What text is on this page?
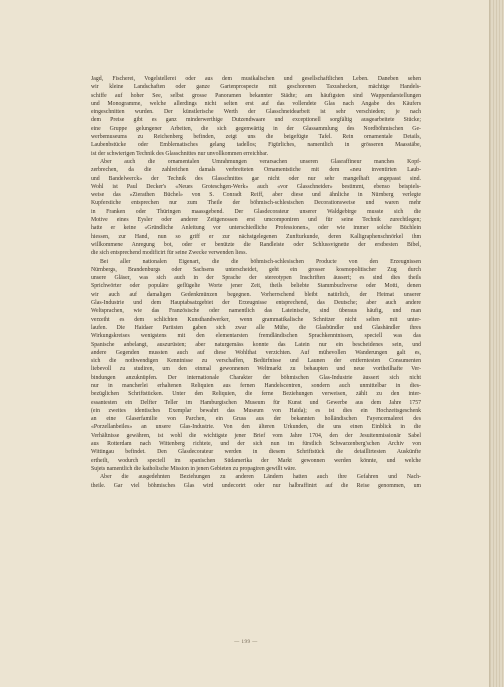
Jagd, Fischerei, Vogelstellerei oder aus dem musikalischen und gesellschaftlichen Leben. Daneben sehen
wir kleine Landschaften oder ganze Gartenprospecte mit geschorenen Taxushecken, mächtige Handels-
schiffe auf hoher See, selbst grosse Panoramen bekannter Städte; am häufigsten sind Wappendarstellungen
und Monogramme, welche allerdings nicht selten erst auf das vollendete Glas nach Angabe des Käufers
eingeschnitten wurden. Der künstlerische Werth der Glasschneidearbeit ist sehr verschieden; je nach
dem Preise gibt es ganz minderwerthige Dutzendwaare und exceptionell sorgfältig ausgearbeitete Stücke;
eine Gruppe gelungener Arbeiten, die sich gegenwärtig in der Glassammlung des Nordböhmischen Ge-
werbemuseums zu Reichenberg befinden, zeigt uns die beigefügte Tafel. Rein ornamentale Details,
Laubenbstücke oder Emblematisches gelang tadellos; Figürliches, namentlich in grösseren Maasstäbe,
ist der schwierigen Technik des Glasschnittes nur unvollkommen erreichbar.
Aber auch die ornamentalen Umrahmungen verarsachen unseren Glasraffineur manches Kopf-
zerbrechen, da die zahlreichen damals verbreiteten Ornamentstiche mit dem «neu inventirten Laub-
und Bandelwerck» der Technik des Glasschnittes gar nicht oder nur sehr mangelhaft angepasst sind.
Wohl ist Paul Decker's «Neues Groteschgen-Werk» auch «vor Glasschneider» bestimmt, ebenso beispiels-
weise das «Zierathen Büchel» von S. Conradt Reiff, aber diese und ähnliche in Nürnberg verlegte
Kupferstiche entsprechen nur zum Theile der böhmisch-schlesischen Decorationsweise und waren mehr
in Franken oder Thüringen maassgebend. Der Glasdecorateur unserer Waldgebirge musste sich die
Motive eines Eysler oder anderer Zeitgenossen erst umcomponiren und für seine Technik zurechtlegen;
hatte er keine «Gründliche Anleitung vor unterschiedliche Professionen», oder wie immer solche Büchlein
hiessen, zur Hand, nun so griff er zur nächstgelegenen Zunfturkunde, deren Kalligraphenschnörkel ihm
willkommene Anregung bot, oder er benützte die Randleiste oder Schlussvignette der erstbesten Bibel,
die sich entsprechend modificirt für seine Zwecke verwenden liess.
Bei aller nationalen Eigenart, die die böhmisch-schlesischen Producte von den Erzeugnissen
Nürnbergs, Brandenburgs oder Sachsens unterscheidet, geht ein grosser kosmopolitischer Zug durch
unsere Gläser, was sich auch in der Sprache der stereotypen Inschriften äussert; es sind dies theils
Sprichwörter oder populäre geflügelte Worte jener Zeit, theils beliebte Stammbuchverse oder Motti, denen
wir auch auf damaligen Gedenkmünzen begegnen. Vorherrschend bleibt natürlich, der Heimat unserer
Glas-Industrie und dem Hauptabsatzgebiet der Erzeugnisse entsprechend, das Deutsche; aber auch andere
Weltsprachen, wie das Französische oder namentlich das Lateinische, sind überaus häufig, und man
verzeiht es dem schlichten Kunsthandwerker, wenn grammatikalische Schnitzer nicht selten mit unter-
laufen. Die Haidaer Pariisten gaben sich zwar alle Mühe, die Glasbündler und Glashändler ihres
Wirkungskreises wenigstens mit den elementarsten fremdländischen Sprachkenntnissen, speciell was das
Spanische anbelangt, auszurüsten; aber naturgemäss konnte das Latein nur ein bescheidenes sein, und
andere Gegenden mussten auch auf diese Wohlthat verzichten. Auf mühevollen Wanderungen galt es,
sich die nothwendigen Kenntnisse zu verschaffen, Bedürfnisse und Launen der entferntesten Consumenten
liebevoll zu studiren, um den einmal gewonnenen Weltmarkt zu behaupten und neue vortheilhafte Ver-
bindungen anzuknüpfen. Der internationale Charakter der böhmischen Glas-Industrie äussert sich nicht
nur in mancherlei erhaltenen Reliquien aus fernen Handelscentren, sondern auch unmittelbar in dies-
bezüglichen Schriftstücken. Unter den Reliquien, die ferne Beziehungen verweisen, zählt zu den inter-
essantesten ein Delfter Teller im Hamburgischen Museum für Kunst und Gewerbe aus dem Jahre 1757
(ein zweites identisches Exemplar bewahrt das Museum von Haida); es ist dies ein Hochzeitsgeschenk
an eine Glaserfamilie von Parchen, ein Gruss aus der bekannten holländischen Fayencemalerei des
«Porzellanbeiles» an unsere Glas-Industrie. Von den älteren Urkunden, die uns einen Einblick in die
Verhältnisse gewähren, ist wohl die wichtigste jener Brief vom Jahre 1704, den der Jesuitenmissionär Sabel
aus Rotterdam nach Wittenberg richtete, und der sich nun im fürstlich Schwarzenberg'schen Archiv von
Wittingau befindet. Den Glasdecorateur werden in diesem Schriftstück die detaillirtesten Auskünfte
ertheilt, wodurch speciell im spanischen Südamerika der Markt gewonnen werden könnte, und welche
Sujets namentlich die katholische Mission in jenen Gebieten zu propagiren gewillt wäre.
Aber die ausgedehnten Beziehungen zu anderen Ländern hatten auch ihre Gefahren und Nach-
theile. Gar viel böhmisches Glas wird undecorirt oder nur halbraffinirt auf die Reise genommen, um
— 199 —
